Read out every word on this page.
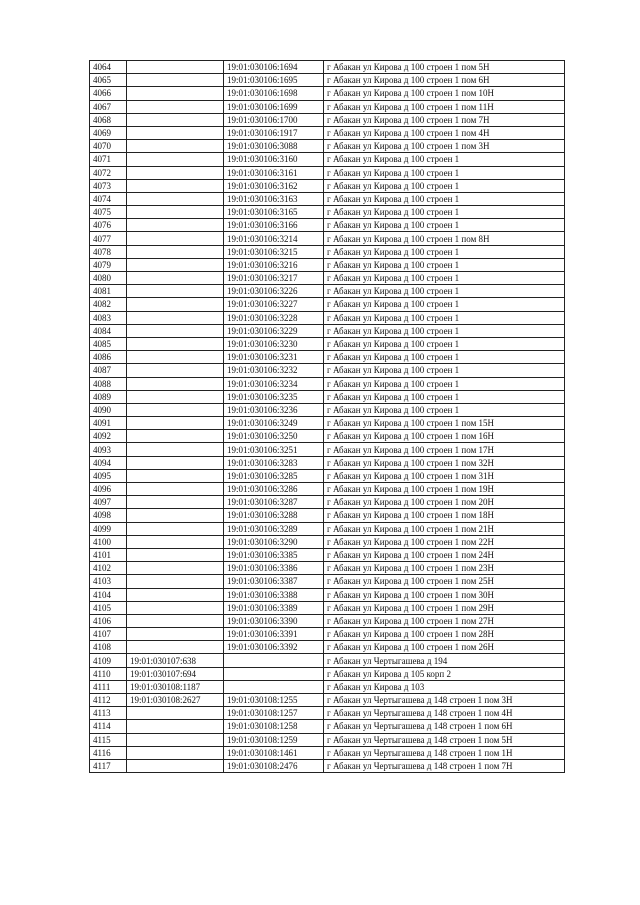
4064		19:01:030106:1694	г Абакан ул Кирова д 100 строен 1 пом 5Н
4065		19:01:030106:1695	г Абакан ул Кирова д 100 строен 1 пом 6Н
4066		19:01:030106:1698	г Абакан ул Кирова д 100 строен 1 пом 10Н
4067		19:01:030106:1699	г Абакан ул Кирова д 100 строен 1 пом 11Н
4068		19:01:030106:1700	г Абакан ул Кирова д 100 строен 1 пом 7Н
4069		19:01:030106:1917	г Абакан ул Кирова д 100 строен 1 пом 4Н
4070		19:01:030106:3088	г Абакан ул Кирова д 100 строен 1 пом 3Н
4071		19:01:030106:3160	г Абакан ул Кирова д 100 строен 1
4072		19:01:030106:3161	г Абакан ул Кирова д 100 строен 1
4073		19:01:030106:3162	г Абакан ул Кирова д 100 строен 1
4074		19:01:030106:3163	г Абакан ул Кирова д 100 строен 1
4075		19:01:030106:3165	г Абакан ул Кирова д 100 строен 1
4076		19:01:030106:3166	г Абакан ул Кирова д 100 строен 1
4077		19:01:030106:3214	г Абакан ул Кирова д 100 строен 1 пом 8Н
4078		19:01:030106:3215	г Абакан ул Кирова д 100 строен 1
4079		19:01:030106:3216	г Абакан ул Кирова д 100 строен 1
4080		19:01:030106:3217	г Абакан ул Кирова д 100 строен 1
4081		19:01:030106:3226	г Абакан ул Кирова д 100 строен 1
4082		19:01:030106:3227	г Абакан ул Кирова д 100 строен 1
4083		19:01:030106:3228	г Абакан ул Кирова д 100 строен 1
4084		19:01:030106:3229	г Абакан ул Кирова д 100 строен 1
4085		19:01:030106:3230	г Абакан ул Кирова д 100 строен 1
4086		19:01:030106:3231	г Абакан ул Кирова д 100 строен 1
4087		19:01:030106:3232	г Абакан ул Кирова д 100 строен 1
4088		19:01:030106:3234	г Абакан ул Кирова д 100 строен 1
4089		19:01:030106:3235	г Абакан ул Кирова д 100 строен 1
4090		19:01:030106:3236	г Абакан ул Кирова д 100 строен 1
4091		19:01:030106:3249	г Абакан ул Кирова д 100 строен 1 пом 15Н
4092		19:01:030106:3250	г Абакан ул Кирова д 100 строен 1 пом 16Н
4093		19:01:030106:3251	г Абакан ул Кирова д 100 строен 1 пом 17Н
4094		19:01:030106:3283	г Абакан ул Кирова д 100 строен 1 пом 32Н
4095		19:01:030106:3285	г Абакан ул Кирова д 100 строен 1 пом 31Н
4096		19:01:030106:3286	г Абакан ул Кирова д 100 строен 1 пом 19Н
4097		19:01:030106:3287	г Абакан ул Кирова д 100 строен 1 пом 20Н
4098		19:01:030106:3288	г Абакан ул Кирова д 100 строен 1 пом 18Н
4099		19:01:030106:3289	г Абакан ул Кирова д 100 строен 1 пом 21Н
4100		19:01:030106:3290	г Абакан ул Кирова д 100 строен 1 пом 22Н
4101		19:01:030106:3385	г Абакан ул Кирова д 100 строен 1 пом 24Н
4102		19:01:030106:3386	г Абакан ул Кирова д 100 строен 1 пом 23Н
4103		19:01:030106:3387	г Абакан ул Кирова д 100 строен 1 пом 25Н
4104		19:01:030106:3388	г Абакан ул Кирова д 100 строен 1 пом 30Н
4105		19:01:030106:3389	г Абакан ул Кирова д 100 строен 1 пом 29Н
4106		19:01:030106:3390	г Абакан ул Кирова д 100 строен 1 пом 27Н
4107		19:01:030106:3391	г Абакан ул Кирова д 100 строен 1 пом 28Н
4108		19:01:030106:3392	г Абакан ул Кирова д 100 строен 1 пом 26Н
4109	19:01:030107:638		г Абакан ул Чертыгашева д 194
4110	19:01:030107:694		г Абакан ул Кирова д 105 корп 2
4111	19:01:030108:1187		г Абакан ул Кирова д 103
4112	19:01:030108:2627	19:01:030108:1255	г Абакан ул Чертыгашева д 148 строен 1 пом 3Н
4113		19:01:030108:1257	г Абакан ул Чертыгашева д 148 строен 1 пом 4Н
4114		19:01:030108:1258	г Абакан ул Чертыгашева д 148 строен 1 пом 6Н
4115		19:01:030108:1259	г Абакан ул Чертыгашева д 148 строен 1 пом 5Н
4116		19:01:030108:1461	г Абакан ул Чертыгашева д 148 строен 1 пом 1Н
4117		19:01:030108:2476	г Абакан ул Чертыгашева д 148 строен 1 пом 7Н
